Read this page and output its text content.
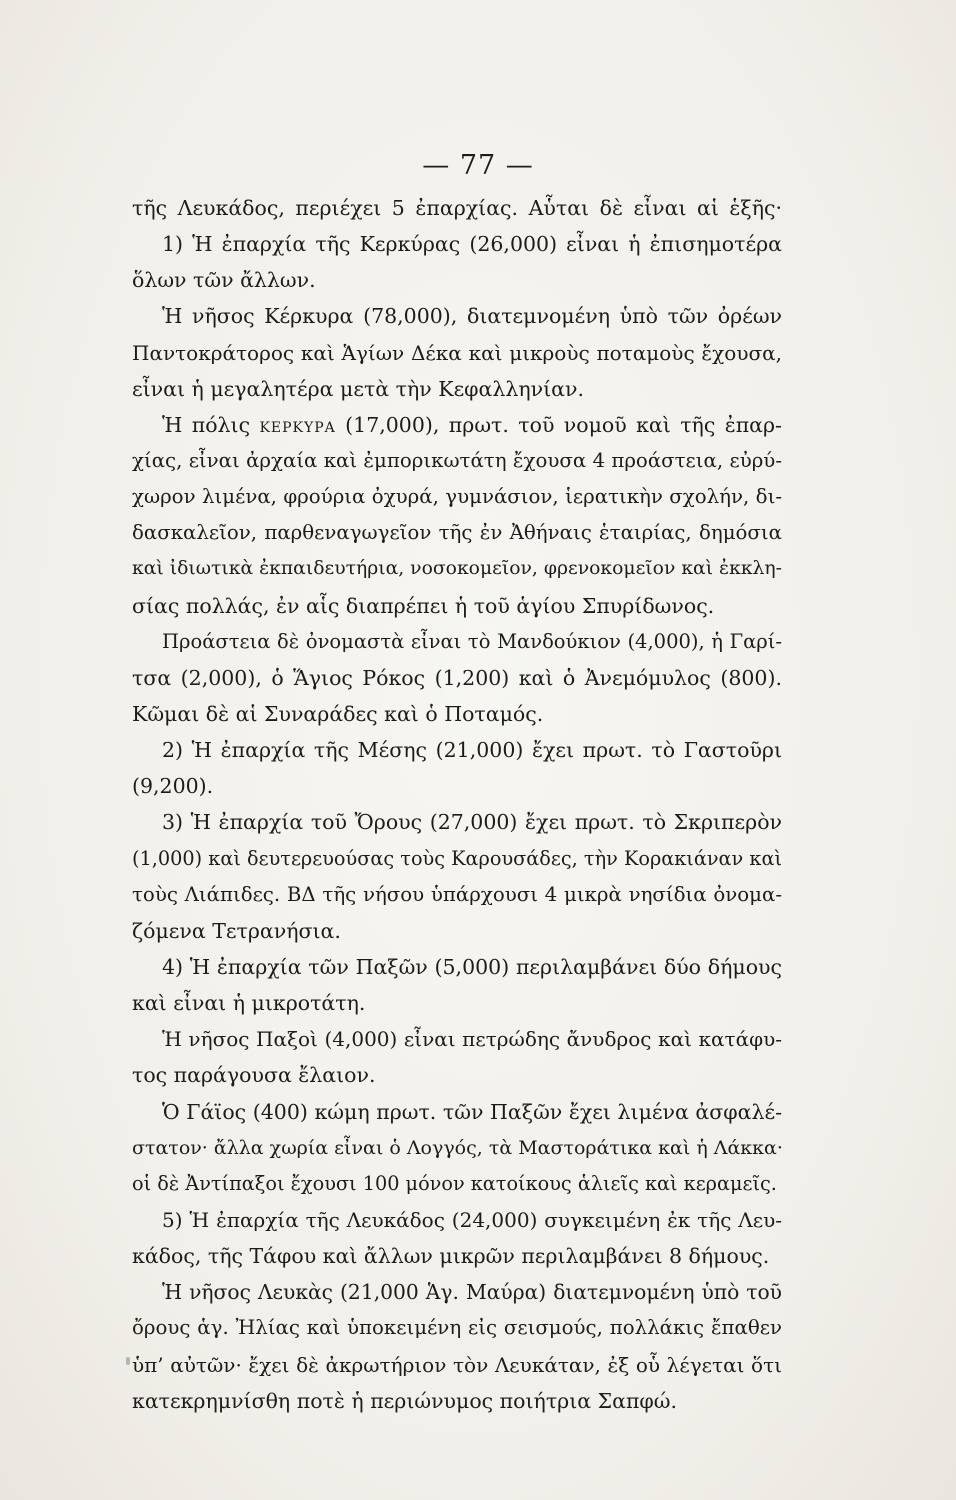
— 77 —
τῆς Λευκάδος, περιέχει 5 ἐπαρχίας. Αὗται δὲ εἶναι αἱ ἑξῆς·
1) Ἡ ἐπαρχία τῆς Κερκύρας (26,000) εἶναι ἡ ἐπισημοτέρα
ὅλων τῶν ἄλλων.
Ἡ νῆσος Κέρκυρα (78,000), διατεμνομένη ὑπὸ τῶν ὀρέων
Παντοκράτορος καὶ Ἁγίων Δέκα καὶ μικροὺς ποταμοὺς ἔχουσα,
εἶναι ἡ μεγαλητέρα μετὰ τὴν Κεφαλληνίαν.
Ἡ πόλις ΚΕΡΚΥΡΑ (17,000), πρωτ. τοῦ νομοῦ καὶ τῆς ἐπαρ-
χίας, εἶναι ἀρχαία καὶ ἐμπορικωτάτη ἔχουσα 4 προάστεια, εὐρύ-
χωρον λιμένα, φρούρια ὀχυρά, γυμνάσιον, ἱερατικὴν σχολήν, δι-
δασκαλεῖον, παρθεναγωγεῖον τῆς ἐν Ἀθήναις ἑταιρίας, δημόσια
καὶ ἰδιωτικὰ ἐκπαιδευτήρια, νοσοκομεῖον, φρενοκομεῖον καὶ ἐκκλη-
σίας πολλάς, ἐν αἷς διαπρέπει ἡ τοῦ ἁγίου Σπυρίδωνος.
Προάστεια δὲ ὀνομαστὰ εἶναι τὸ Μανδούκιον (4,000), ἡ Γαρί-
τσα (2,000), ὁ Ἅγιος Ρόκος (1,200) καὶ ὁ Ἀνεμόμυλος (800).
Κῶμαι δὲ αἱ Συναράδες καὶ ὁ Ποταμός.
2) Ἡ ἐπαρχία τῆς Μέσης (21,000) ἔχει πρωτ. τὸ Γαστοῦρι
(9,200).
3) Ἡ ἐπαρχία τοῦ Ὄρους (27,000) ἔχει πρωτ. τὸ Σκριπερὸν
(1,000) καὶ δευτερευούσας τοὺς Καρουσάδες, τὴν Κορακιάναν καὶ
τοὺς Λιάπιδες. ΒΔ τῆς νήσου ὑπάρχουσι 4 μικρὰ νησίδια ὀνομα-
ζόμενα Τετρανήσια.
4) Ἡ ἐπαρχία τῶν Παξῶν (5,000) περιλαμβάνει δύο δήμους
καὶ εἶναι ἡ μικροτάτη.
Ἡ νῆσος Παξοὶ (4,000) εἶναι πετρώδης ἄνυδρος καὶ κατάφυ-
τος παράγουσα ἔλαιον.
Ὁ Γάϊος (400) κώμη πρωτ. τῶν Παξῶν ἔχει λιμένα ἀσφαλέ-
στατον· ἄλλα χωρία εἶναι ὁ Λογγός, τὰ Μαστοράτικα καὶ ἡ Λάκκα·
οἱ δὲ Ἀντίπαξοι ἔχουσι 100 μόνον κατοίκους ἁλιεῖς καὶ κεραμεῖς.
5) Ἡ ἐπαρχία τῆς Λευκάδος (24,000) συγκειμένη ἐκ τῆς Λευ-
κάδος, τῆς Τάφου καὶ ἄλλων μικρῶν περιλαμβάνει 8 δήμους.
Ἡ νῆσος Λευκὰς (21,000 Ἁγ. Μαύρα) διατεμνομένη ὑπὸ τοῦ
ὄρους ἁγ. Ἠλίας καὶ ὑποκειμένη εἰς σεισμούς, πολλάκις ἔπαθεν
ὑπ’ αὐτῶν· ἔχει δὲ ἀκρωτήριον τὸν Λευκάταν, ἐξ οὗ λέγεται ὅτι
κατεκρημνίσθη ποτὲ ἡ περιώνυμος ποιήτρια Σαπφώ.
